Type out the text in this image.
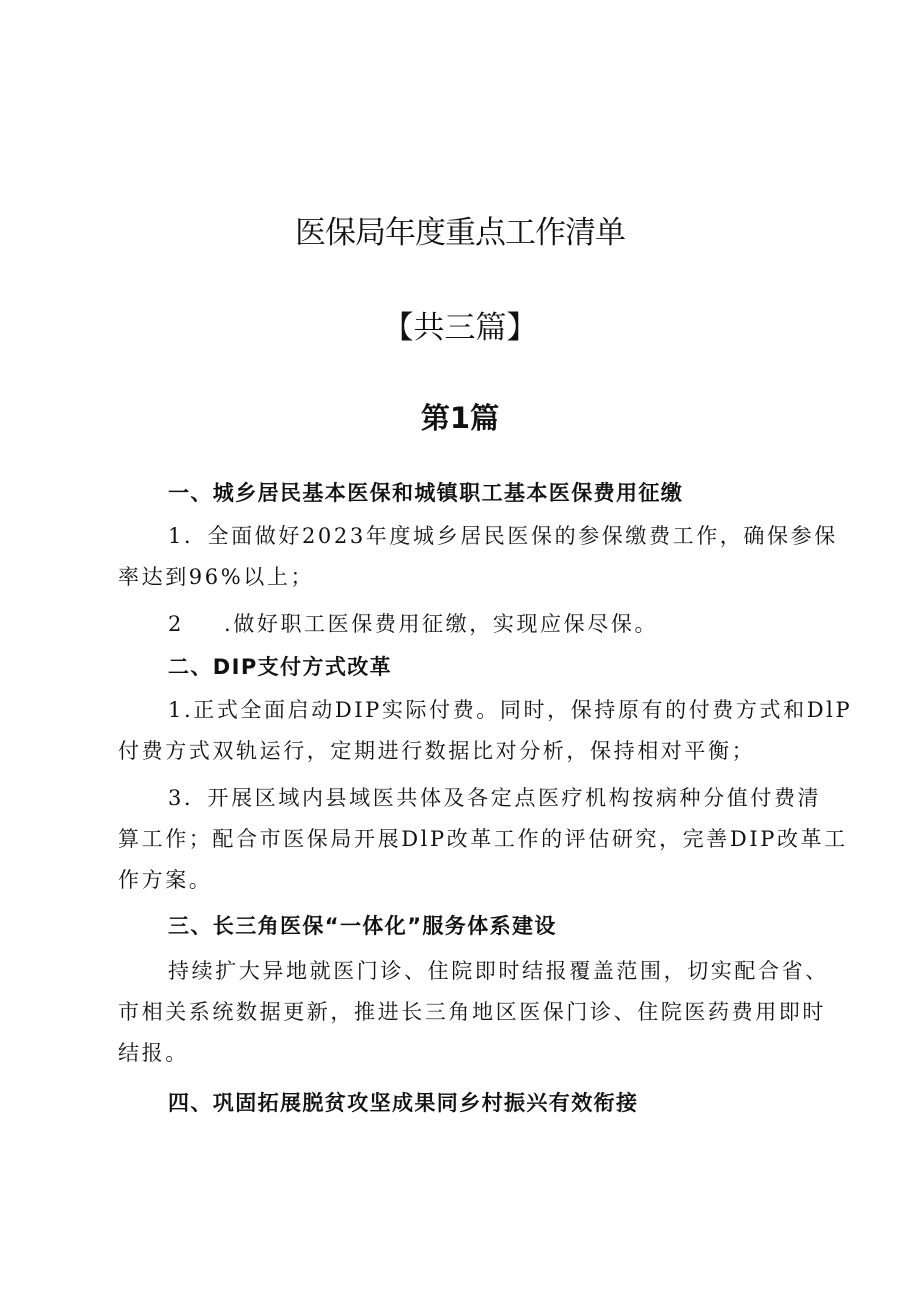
医保局年度重点工作清单
【共三篇】
第1篇
一、城乡居民基本医保和城镇职工基本医保费用征缴

1．全面做好2023年度城乡居民医保的参保缴费工作，确保参保
率达到96%以上；

2 .做好职工医保费用征缴，实现应保尽保。

二、DIP支付方式改革

1.正式全面启动DIP实际付费。同时，保持原有的付费方式和DlP
付费方式双轨运行，定期进行数据比对分析，保持相对平衡；

3．开展区域内县域医共体及各定点医疗机构按病种分值付费清
算工作；配合市医保局开展DlP改革工作的评估研究，完善DIP改革工
作方案。

三、长三角医保“一体化”服务体系建设

持续扩大异地就医门诊、住院即时结报覆盖范围，切实配合省、
市相关系统数据更新，推进长三角地区医保门诊、住院医药费用即时
结报。

四、巩固拓展脱贫攻坚成果同乡村振兴有效衔接
